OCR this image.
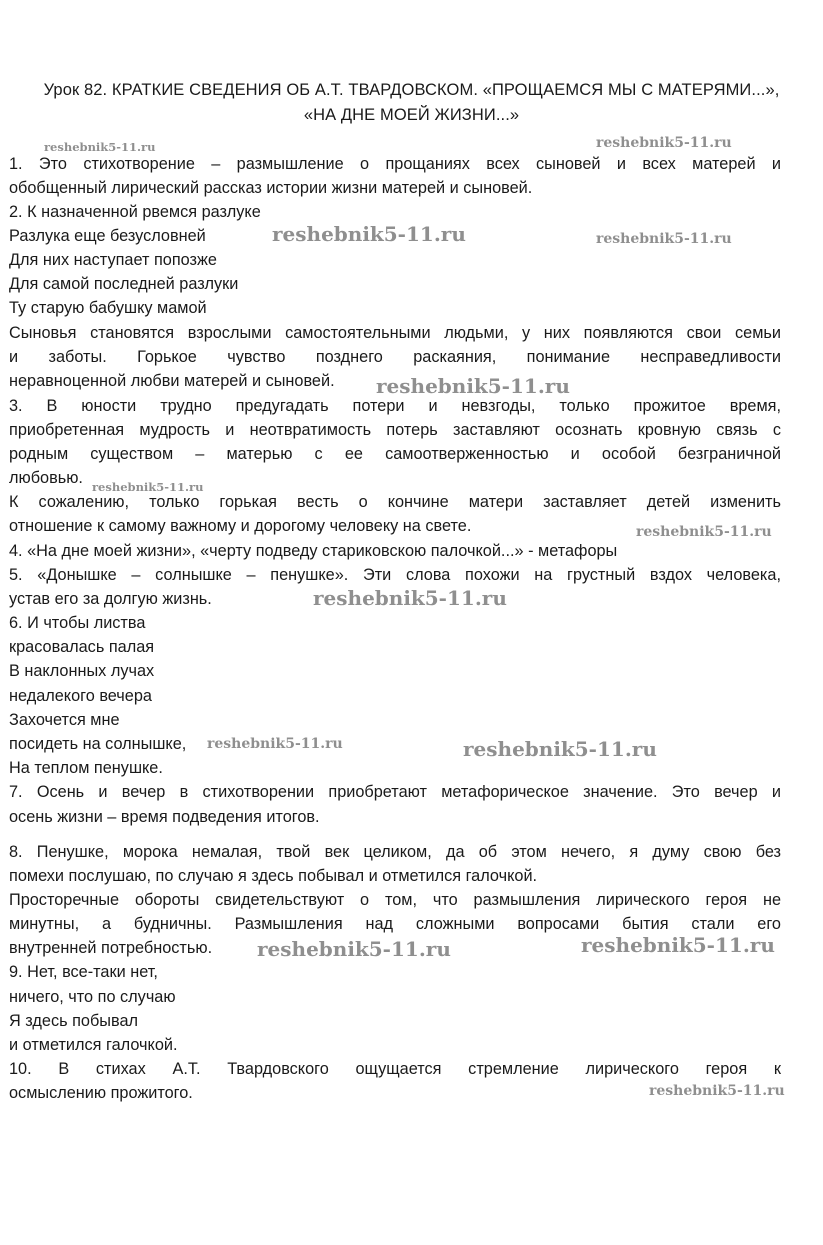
Урок 82. КРАТКИЕ СВЕДЕНИЯ ОБ А.Т. ТВАРДОВСКОМ. «ПРОЩАЕМСЯ МЫ С МАТЕРЯМИ...»,
«НА ДНЕ МОЕЙ ЖИЗНИ...»
1. Это стихотворение – размышление о прощаниях всех сыновей и всех матерей и
обобщенный лирический рассказ истории жизни матерей и сыновей.
2. К назначенной рвемся разлуке
Разлука еще безусловней
Для них наступает попозже
Для самой последней разлуки
Ту старую бабушку мамой
Сыновья становятся взрослыми самостоятельными людьми, у них появляются свои семьи
и заботы. Горькое чувство позднего раскаяния, понимание несправедливости
неравноценной любви матерей и сыновей.
3. В юности трудно предугадать потери и невзгоды, только прожитое время,
приобретенная мудрость и неотвратимость потерь заставляют осознать кровную связь с
родным существом – матерью с ее самоотверженностью и особой безграничной
любовью.
К сожалению, только горькая весть о кончине матери заставляет детей изменить
отношение к самому важному и дорогому человеку на свете.
4. «На дне моей жизни», «черту подведу стариковскою палочкой...» - метафоры
5. «Донышке – солнышке – пенушке». Эти слова похожи на грустный вздох человека,
устав его за долгую жизнь.
6. И чтобы листва
красовалась палая
В наклонных лучах
недалекого вечера
Захочется мне
посидеть на солнышке,
На теплом пенушке.
7. Осень и вечер в стихотворении приобретают метафорическое значение. Это вечер и
осень жизни – время подведения итогов.
8. Пенушке, морока немалая, твой век целиком, да об этом нечего, я думу свою без
помехи послушаю, по случаю я здесь побывал и отметился галочкой.
Просторечные обороты свидетельствуют о том, что размышления лирического героя не
минутны, а будничны. Размышления над сложными вопросами бытия стали его
внутренней потребностью.
9. Нет, все-таки нет,
ничего, что по случаю
Я здесь побывал
и отметился галочкой.
10. В стихах А.Т. Твардовского ощущается стремление лирического героя к
осмыслению прожитого.
reshebnik5-11.ru	reshebnik5-11.ru
reshebnik5-11.ru	reshebnik5-11.ru
reshebnik5-11.ru
reshebnik5-11.ru
reshebnik5-11.ru
reshebnik5-11.ru
reshebnik5-11.ru	reshebnik5-11.ru
reshebnik5-11.ru	reshebnik5-11.ru
reshebnik5-11.ru
